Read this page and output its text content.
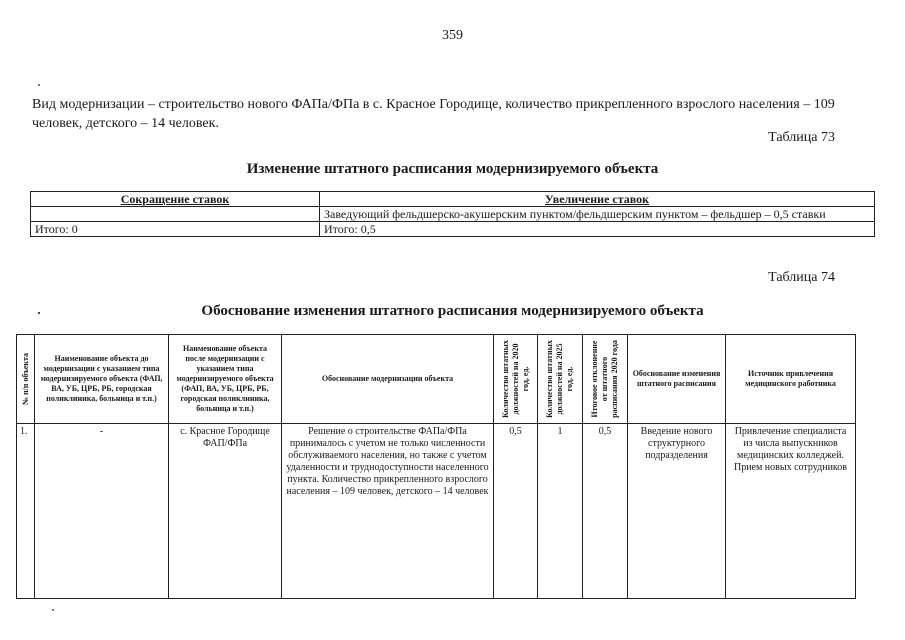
359
Вид модернизации – строительство нового ФАПа/ФПа в с. Красное Городище, количество прикрепленного взрослого населения – 109 человек, детского – 14 человек.
Таблица 73
Изменение штатного расписания модернизируемого объекта
Сокращение ставок	Увеличение ставок
	Заведующий фельдшерско-акушерским пунктом/фельдшерским пунктом – фельдшер – 0,5 ставки
Итого: 0	Итого: 0,5
Таблица 74
Обоснование изменения штатного расписания модернизируемого объекта
№ п/п объекта	Наименование объекта до модернизации с указанием типа модернизируемого объекта (ФАП, ВА, УБ, ЦРБ, РБ, городская поликлиника, больница и т.п.)	Наименование объекта после модернизации с указанием типа модернизируемого объекта (ФАП, ВА, УБ, ЦРБ, РБ, городская поликлиника, больница и т.п.)	Обоснование модернизации объекта	Количество штатных должностей на 2020 год, ед.	Количество штатных должностей на 2025 год, ед.	Итоговое отклонение от штатного расписания 2020 года	Обоснование изменения штатного расписания	Источник привлечения медицинского работника
1.	-	с. Красное Городище ФАП/ФПа	Решение о строительстве ФАПа/ФПа принималось с учетом не только численности обслуживаемого населения, но также с учетом удаленности и труднодоступности населенного пункта. Количество прикрепленного взрослого населения – 109 человек, детского – 14 человек	0,5	1	0,5	Введение нового структурного подразделения	Привлечение специалиста из числа выпускников медицинских колледжей. Прием новых сотрудников
